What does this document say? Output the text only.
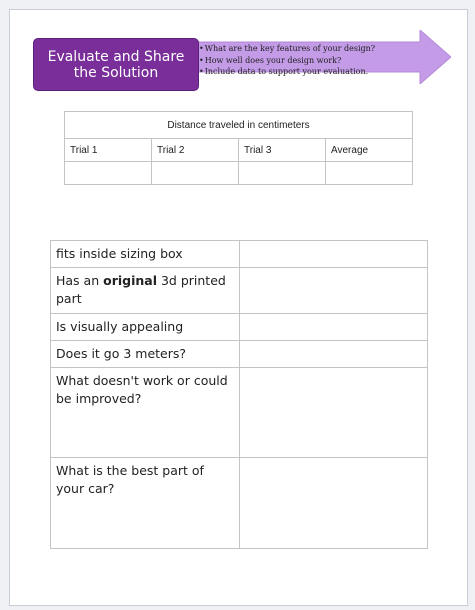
• What are the key features of your design?
• How well does your design work?
• Include data to support your evaluation.
Evaluate and Share the Solution
Distance traveled in centimeters			
Trial 1	Trial 2	Trial 3	Average

fits inside sizing box	
Has an original 3d printed part	
Is visually appealing	
Does it go 3 meters?	
What doesn't work or could be improved?	
What is the best part of your car?	
